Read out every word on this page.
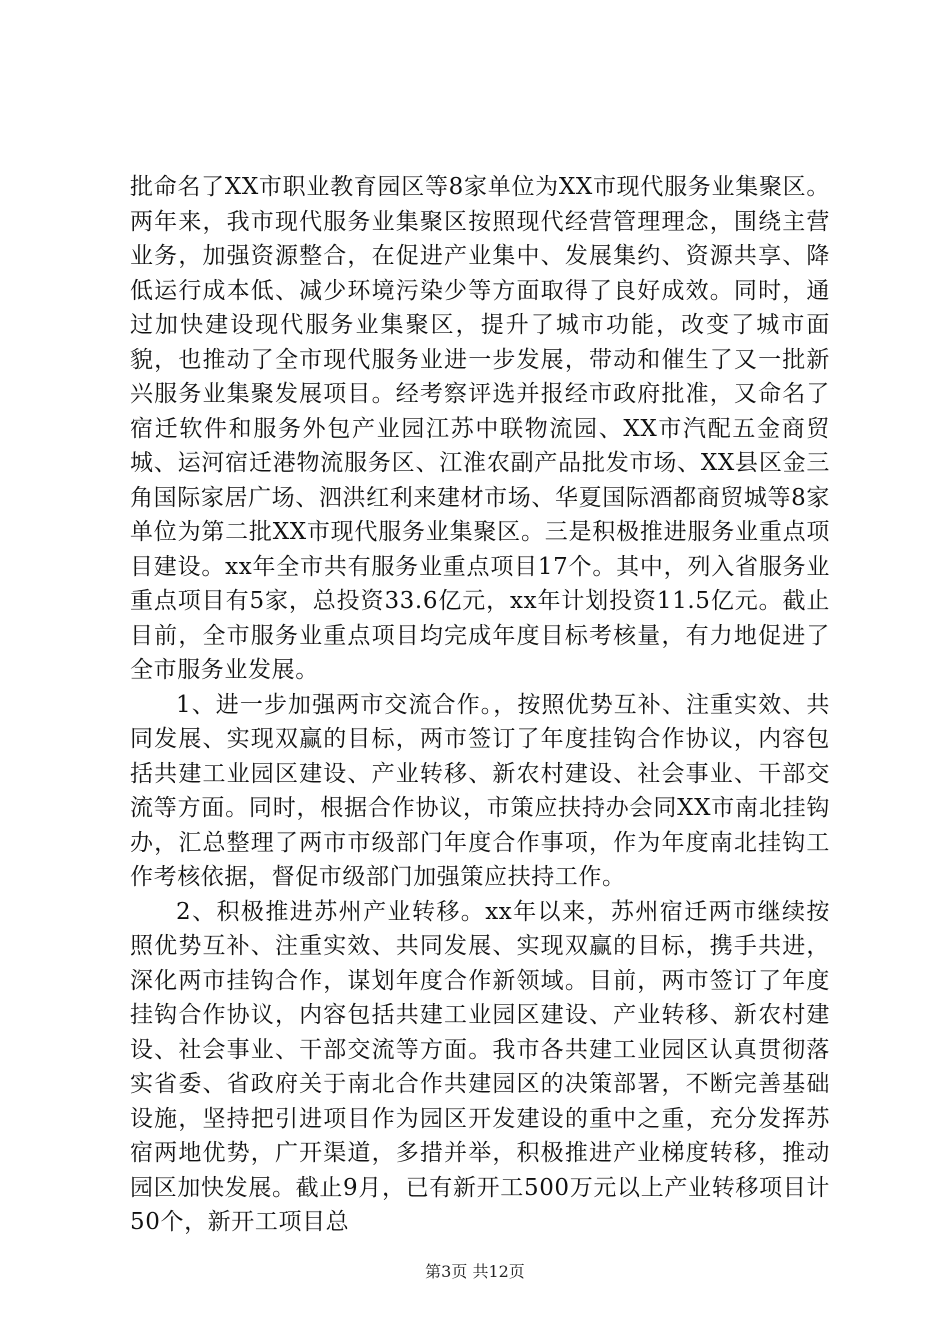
批命名了XX市职业教育园区等8家单位为XX市现代服务业集聚区。两年来，我市现代服务业集聚区按照现代经营管理理念，围绕主营业务，加强资源整合，在促进产业集中、发展集约、资源共享、降低运行成本低、减少环境污染少等方面取得了良好成效。同时，通过加快建设现代服务业集聚区，提升了城市功能，改变了城市面貌，也推动了全市现代服务业进一步发展，带动和催生了又一批新兴服务业集聚发展项目。经考察评选并报经市政府批准，又命名了宿迁软件和服务外包产业园江苏中联物流园、XX市汽配五金商贸城、运河宿迁港物流服务区、江淮农副产品批发市场、XX县区金三角国际家居广场、泗洪红利来建材市场、华夏国际酒都商贸城等8家单位为第二批XX市现代服务业集聚区。三是积极推进服务业重点项目建设。xx年全市共有服务业重点项目17个。其中，列入省服务业重点项目有5家，总投资33.6亿元，xx年计划投资11.5亿元。截止目前，全市服务业重点项目均完成年度目标考核量，有力地促进了全市服务业发展。

1、进一步加强两市交流合作。，按照优势互补、注重实效、共同发展、实现双赢的目标，两市签订了年度挂钩合作协议，内容包括共建工业园区建设、产业转移、新农村建设、社会事业、干部交流等方面。同时，根据合作协议，市策应扶持办会同XX市南北挂钩办，汇总整理了两市市级部门年度合作事项，作为年度南北挂钩工作考核依据，督促市级部门加强策应扶持工作。

2、积极推进苏州产业转移。xx年以来，苏州宿迁两市继续按照优势互补、注重实效、共同发展、实现双赢的目标，携手共进，深化两市挂钩合作，谋划年度合作新领域。目前，两市签订了年度挂钩合作协议，内容包括共建工业园区建设、产业转移、新农村建设、社会事业、干部交流等方面。我市各共建工业园区认真贯彻落实省委、省政府关于南北合作共建园区的决策部署，不断完善基础设施，坚持把引进项目作为园区开发建设的重中之重，充分发挥苏宿两地优势，广开渠道，多措并举，积极推进产业梯度转移，推动园区加快发展。截止9月，已有新开工500万元以上产业转移项目计50个，新开工项目总

第3页 共12页
